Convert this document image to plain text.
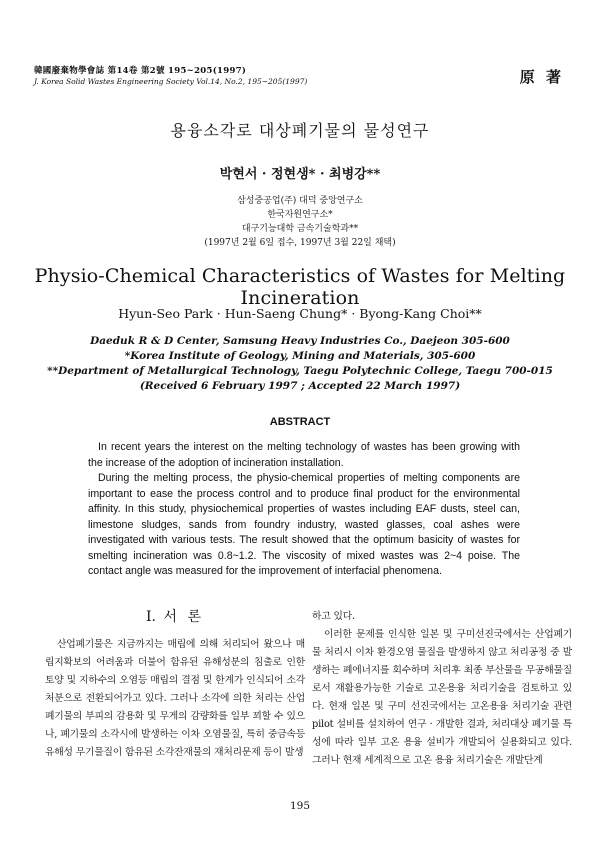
韓國廢棄物學會誌 第14卷 第2號 195~205(1997)
J. Korea Solid Wastes Engineering Society Vol.14, No.2, 195~205(1997)	原 著
용융소각로 대상폐기물의 물성연구
박현서 · 정현생* · 최병강**
삼성중공업(주) 대덕 중앙연구소
한국자원연구소*
대구기능대학 금속기술학과**
(1997년 2월 6일 접수, 1997년 3월 22일 채택)
Physio-Chemical Characteristics of Wastes for Melting Incineration
Hyun-Seo Park · Hun-Saeng Chung* · Byong-Kang Choi**
Daeduk R & D Center, Samsung Heavy Industries Co., Daejeon 305-600
*Korea Institute of Geology, Mining and Materials, 305-600
**Department of Metallurgical Technology, Taegu Polytechnic College, Taegu 700-015
(Received 6 February 1997 ; Accepted 22 March 1997)
ABSTRACT

In recent years the interest on the melting technology of wastes has been growing with the increase of the adoption of incineration installation.

During the melting process, the physio-chemical properties of melting components are important to ease the process control and to produce final product for the environmental affinity. In this study, physiochemical properties of wastes including EAF dusts, steel can, limestone sludges, sands from foundry industry, wasted glasses, coal ashes were investigated with various tests. The result showed that the optimum basicity of wastes for smelting incineration was 0.8~1.2. The viscosity of mixed wastes was 2~4 poise. The contact angle was measured for the improvement of interfacial phenomena.

I. 서 론

산업폐기물은 지금까지는 매립에 의해 처리되어 왔으나 매립지확보의 어려움과 더불어 함유된 유해성분의 침출로 인한 토양 및 지하수의 오염등 매립의 결점 및 한계가 인식되어 소각처분으로 전환되어가고 있다. 그러나 소각에 의한 처리는 산업폐기물의 부피의 감용화 및 무게의 감량화를 일부 꾀할 수 있으나, 폐기물의 소각시에 발생하는 이차 오염물질, 특히 중금속등 유해성 무기물질이 함유된 소각잔재물의 재처리문제 등이 발생

하고 있다.

이러한 문제를 인식한 일본 및 구미선진국에서는 산업폐기물 처리시 이차 환경오염 물질을 발생하지 않고 처리공정 중 발생하는 폐에너지를 회수하며 처리후 최종 부산물을 무공해물질로서 재활용가능한 기술로 고온용융 처리기술을 검토하고 있다. 현재 일본 및 구미 선진국에서는 고온용융 처리기술 관련 pilot 설비를 설치하여 연구 · 개발한 결과, 처리대상 폐기물 특성에 따라 일부 고온 용융 설비가 개발되어 실용화되고 있다. 그러나 현재 세계적으로 고온 용융 처리기술은 개발단계

195
